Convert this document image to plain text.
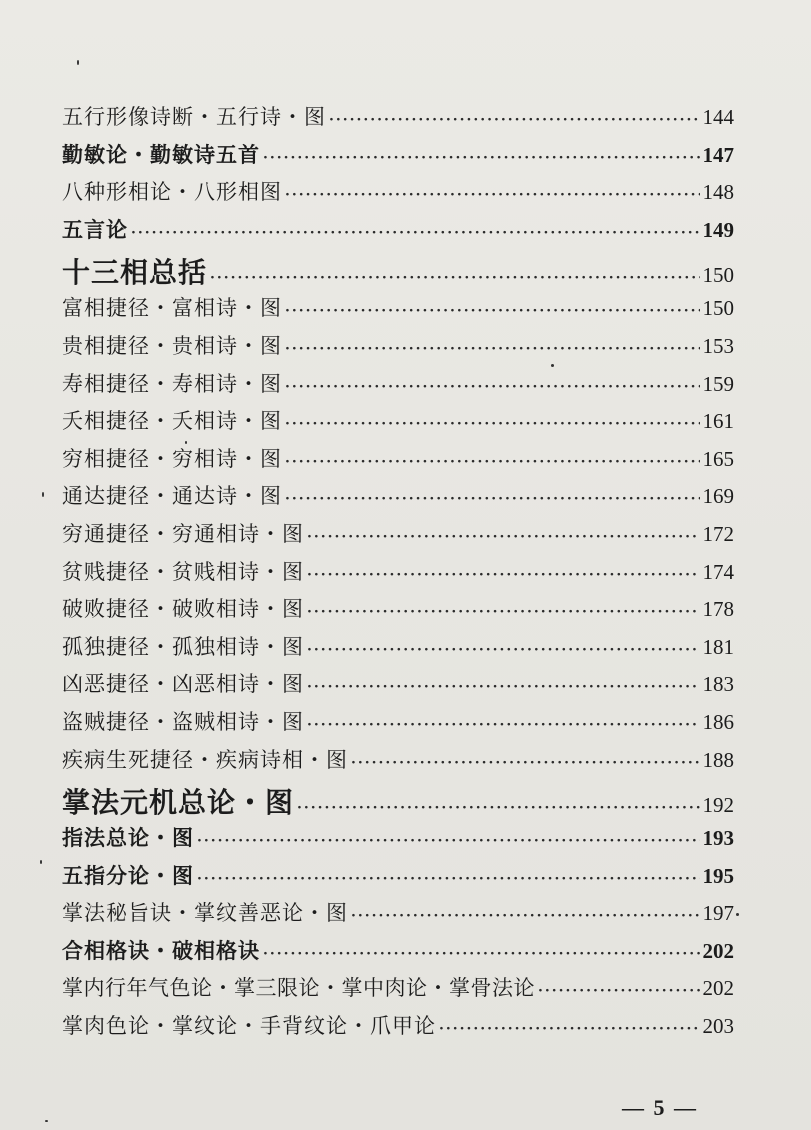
五行形像诗断・五行诗・图 ·····	144
勤敏论・勤敏诗五首 ·····	147
八种形相论・八形相图 ·····	148
五言论 ·····	149
十三相总括 ·····	150
富相捷径・富相诗・图 ·····	150
贵相捷径・贵相诗・图 ·····	153
寿相捷径・寿相诗・图 ·····	159
夭相捷径・夭相诗・图 ·····	161
穷相捷径・穷相诗・图 ·····	165
通达捷径・通达诗・图 ·····	169
穷通捷径・穷通相诗・图 ·····	172
贫贱捷径・贫贱相诗・图 ·····	174
破败捷径・破败相诗・图 ·····	178
孤独捷径・孤独相诗・图 ·····	181
凶恶捷径・凶恶相诗・图 ·····	183
盗贼捷径・盗贼相诗・图 ·····	186
疾病生死捷径・疾病诗相・图 ·····	188
掌法元机总论・图 ·····	192
指法总论・图 ·····	193
五指分论・图 ·····	195
掌法秘旨诀・掌纹善恶论・图 ·····	197
合相格诀・破相格诀 ·····	202
掌内行年气色论・掌三限论・掌中肉论・掌骨法论 ·····	202
掌肉色论・掌纹论・手背纹论・爪甲论 ·····	203
— 5 —
